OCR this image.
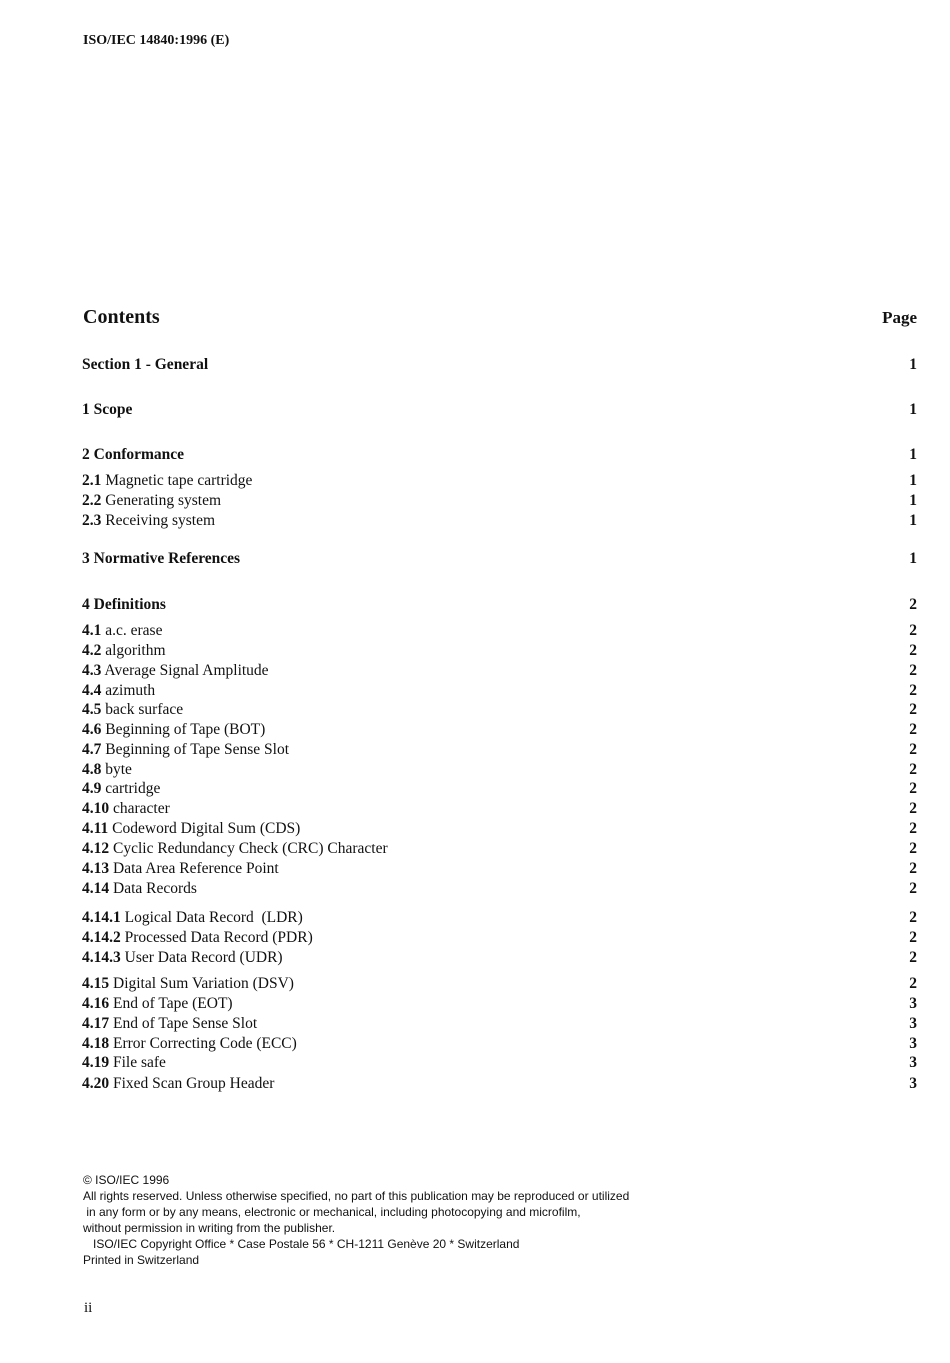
ISO/IEC 14840:1996 (E)
Contents	Page
Section 1 - General	1
1 Scope	1
2 Conformance	1
2.1 Magnetic tape cartridge	1
2.2 Generating system	1
2.3 Receiving system	1
3 Normative References	1
4 Definitions	2
4.1 a.c. erase	2
4.2 algorithm	2
4.3 Average Signal Amplitude	2
4.4 azimuth	2
4.5 back surface	2
4.6 Beginning of Tape (BOT)	2
4.7 Beginning of Tape Sense Slot	2
4.8 byte	2
4.9 cartridge	2
4.10 character	2
4.11 Codeword Digital Sum (CDS)	2
4.12 Cyclic Redundancy Check (CRC) Character	2
4.13 Data Area Reference Point	2
4.14 Data Records	2
4.14.1 Logical Data Record  (LDR)	2
4.14.2 Processed Data Record (PDR)	2
4.14.3 User Data Record (UDR)	2
4.15 Digital Sum Variation (DSV)	2
4.16 End of Tape (EOT)	3
4.17 End of Tape Sense Slot	3
4.18 Error Correcting Code (ECC)	3
4.19 File safe	3
4.20 Fixed Scan Group Header	3
© ISO/IEC 1996
All rights reserved. Unless otherwise specified, no part of this publication may be reproduced or utilized
in any form or by any means, electronic or mechanical, including photocopying and microfilm,
without permission in writing from the publisher.
ISO/IEC Copyright Office * Case Postale 56 * CH-1211 Genève 20 * Switzerland
Printed in Switzerland
ii
